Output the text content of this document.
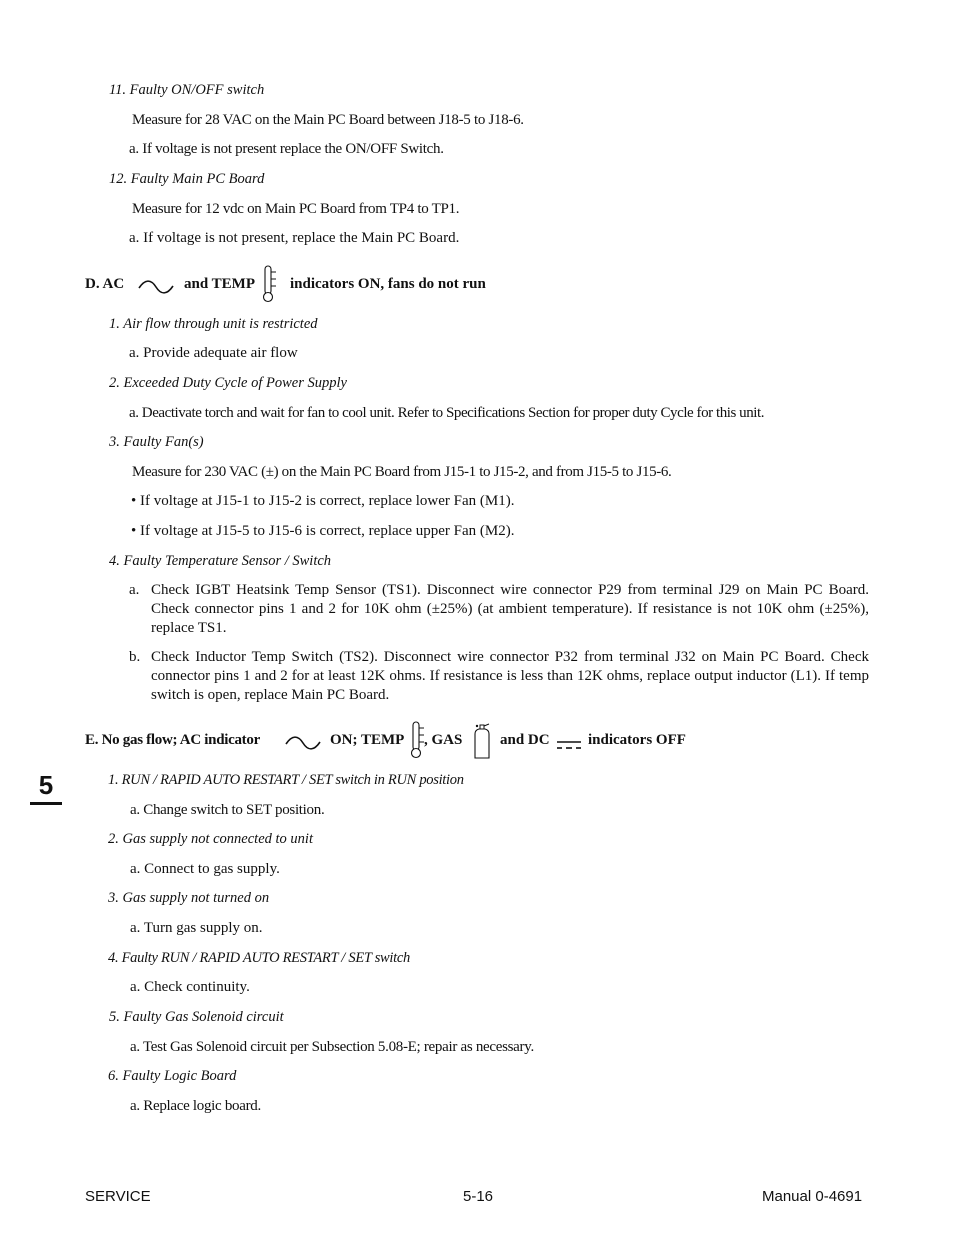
11. Faulty ON/OFF switch
Measure for 28 VAC on the Main PC Board between J18-5 to J18-6.
a. If voltage is not present replace the ON/OFF Switch.
12. Faulty Main PC Board
Measure for 12 vdc on Main PC Board from TP4 to TP1.
a. If voltage is not present, replace the Main PC Board.
D. AC	and TEMP indicators ON, fans do not run
1. Air flow through unit is restricted
a. Provide adequate air flow
2. Exceeded Duty Cycle of Power Supply
a. Deactivate torch and wait for fan to cool unit. Refer to Specifications Section for proper duty Cycle for this unit.
3. Faulty Fan(s)
Measure for 230 VAC (±) on the Main PC Board from J15-1 to J15-2, and from J15-5 to J15-6.
• If voltage at J15-1 to J15-2 is correct, replace lower Fan (M1).
• If voltage at J15-5 to J15-6 is correct, replace upper Fan (M2).
4. Faulty Temperature Sensor / Switch
a. Check IGBT Heatsink Temp Sensor (TS1). Disconnect wire connector P29 from terminal J29 on Main PC Board. Check connector pins 1 and 2 for 10K ohm (±25%) (at ambient temperature). If resistance is not 10K ohm (±25%), replace TS1.
b. Check Inductor Temp Switch (TS2). Disconnect wire connector P32 from terminal J32 on Main PC Board. Check connector pins 1 and 2 for at least 12K ohms. If resistance is less than 12K ohms, replace output inductor (L1). If temp switch is open, replace Main PC Board.
E. No gas flow; AC indicator	ON; TEMP , GAS	and DC	indicators OFF
5	1. RUN / RAPID AUTO RESTART / SET switch in RUN position
a. Change switch to SET position.
2. Gas supply not connected to unit
a. Connect to gas supply.
3. Gas supply not turned on
a. Turn gas supply on.
4. Faulty RUN / RAPID AUTO RESTART / SET switch
a. Check continuity.
5. Faulty Gas Solenoid circuit
a. Test Gas Solenoid circuit per Subsection 5.08-E; repair as necessary.
6. Faulty Logic Board
a. Replace logic board.
SERVICE	5-16	Manual 0-4691
